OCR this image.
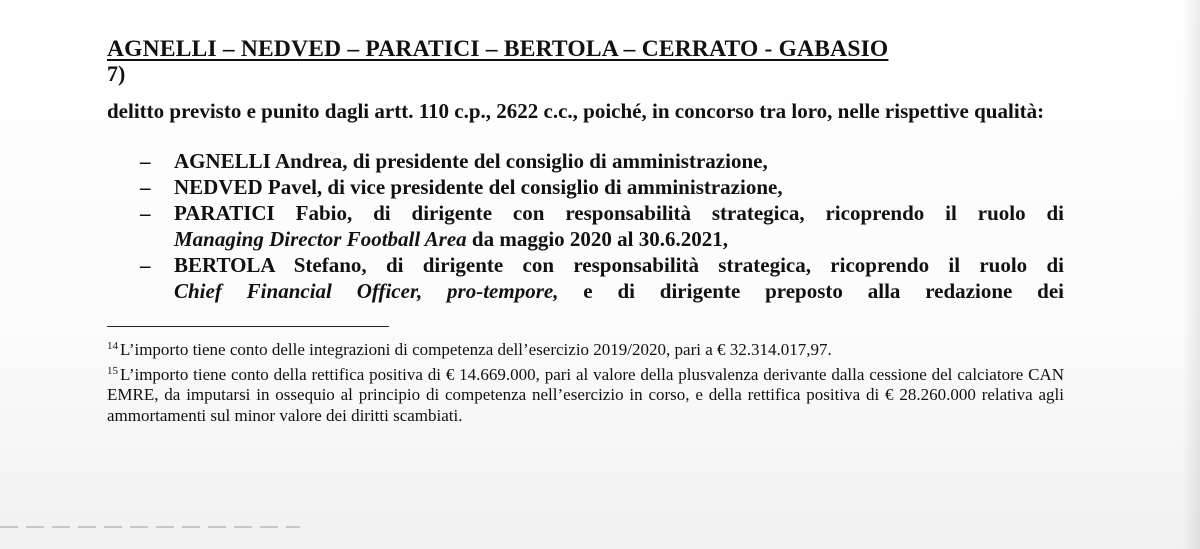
AGNELLI – NEDVED – PARATICI – BERTOLA – CERRATO - GABASIO
7)
delitto previsto e punito dagli artt. 110 c.p., 2622 c.c., poiché, in concorso tra loro, nelle rispettive qualità:
– AGNELLI Andrea, di presidente del consiglio di amministrazione,
– NEDVED Pavel, di vice presidente del consiglio di amministrazione,
– PARATICI Fabio, di dirigente con responsabilità strategica, ricoprendo il ruolo di
Managing Director Football Area da maggio 2020 al 30.6.2021,
– BERTOLA Stefano, di dirigente con responsabilità strategica, ricoprendo il ruolo di
Chief Financial Officer, pro-tempore, e di dirigente preposto alla redazione dei

$^{14}$ L’importo tiene conto delle integrazioni di competenza dell’esercizio 2019/2020, pari a € 32.314.017,97.

$^{15}$ L’importo tiene conto della rettifica positiva di € 14.669.000, pari al valore della plusvalenza derivante dalla cessione del calciatore CAN EMRE, da imputarsi in ossequio al principio di competenza nell’esercizio in corso, e della rettifica positiva di € 28.260.000 relativa agli ammortamenti sul minor valore dei diritti scambiati.
